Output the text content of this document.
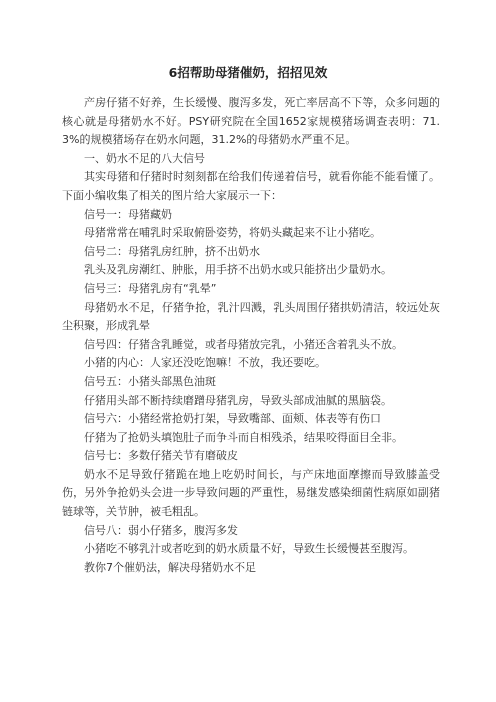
6招帮助母猪催奶，招招见效

产房仔猪不好养，生长缓慢、腹泻多发，死亡率居高不下等，众多问题的核心就是母猪奶水不好。PSY研究院在全国1652家规模猪场调查表明：71.3%的规模猪场存在奶水问题，31.2%的母猪奶水严重不足。

一、奶水不足的八大信号

其实母猪和仔猪时时刻刻都在给我们传递着信号，就看你能不能看懂了。下面小编收集了相关的图片给大家展示一下：

信号一：母猪藏奶

母猪常常在哺乳时采取俯卧姿势，将奶头藏起来不让小猪吃。

信号二：母猪乳房红肿，挤不出奶水

乳头及乳房潮红、肿胀，用手挤不出奶水或只能挤出少量奶水。

信号三：母猪乳房有“乳晕”

母猪奶水不足，仔猪争抢，乳汁四溅，乳头周围仔猪拱奶清洁，较远处灰尘积聚，形成乳晕

信号四：仔猪含乳睡觉，或者母猪放完乳，小猪还含着乳头不放。

小猪的内心：人家还没吃饱嘛！不放，我还要吃。

信号五：小猪头部黑色油斑

仔猪用头部不断持续磨蹭母猪乳房，导致头部成油腻的黑脑袋。

信号六：小猪经常抢奶打架，导致嘴部、面颊、体表等有伤口

仔猪为了抢奶头填饱肚子而争斗而自相残杀，结果咬得面目全非。

信号七：多数仔猪关节有磨破皮

奶水不足导致仔猪跪在地上吃奶时间长，与产床地面摩擦而导致膝盖受伤，另外争抢奶头会进一步导致问题的严重性，易继发感染细菌性病原如副猪链球等，关节肿，被毛粗乱。

信号八：弱小仔猪多，腹泻多发

小猪吃不够乳汁或者吃到的奶水质量不好，导致生长缓慢甚至腹泻。

教你7个催奶法，解决母猪奶水不足
